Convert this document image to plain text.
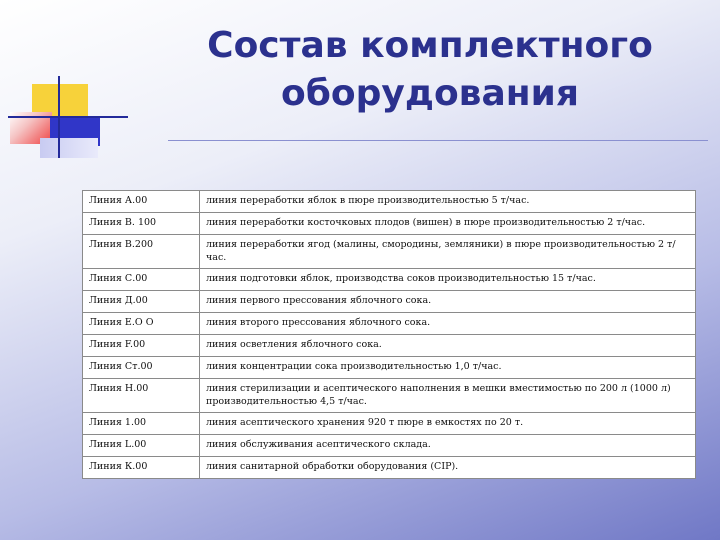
Состав комплектного
оборудования
Линия А.00	линия переработки яблок в пюре производительностью 5 т/час.
Линия В. 100	линия переработки косточковых плодов (вишен) в пюре производительностью 2 т/час.
Линия В.200	линия переработки ягод (малины, смородины, земляники) в пюре производительностью 2 т/час.
Линия С.00	линия подготовки яблок, производства соков производительностью 15 т/час.
Линия Д.00	линия первого прессования яблочного сока.
Линия Е.О О	линия второго прессования яблочного сока.
Линия F.00	линия осветления яблочного сока.
Линия Ст.00	линия концентрации сока производительностью 1,0 т/час.
Линия Н.00	линия стерилизации и асептического наполнения в мешки вместимостью по 200 л (1000 л) производительностью 4,5 т/час.
Линия 1.00	линия асептического хранения 920 т пюре в емкостях по 20 т.
Линия L.00	линия обслуживания асептического склада.
Линия К.00	линия санитарной обработки оборудования (СIР).
